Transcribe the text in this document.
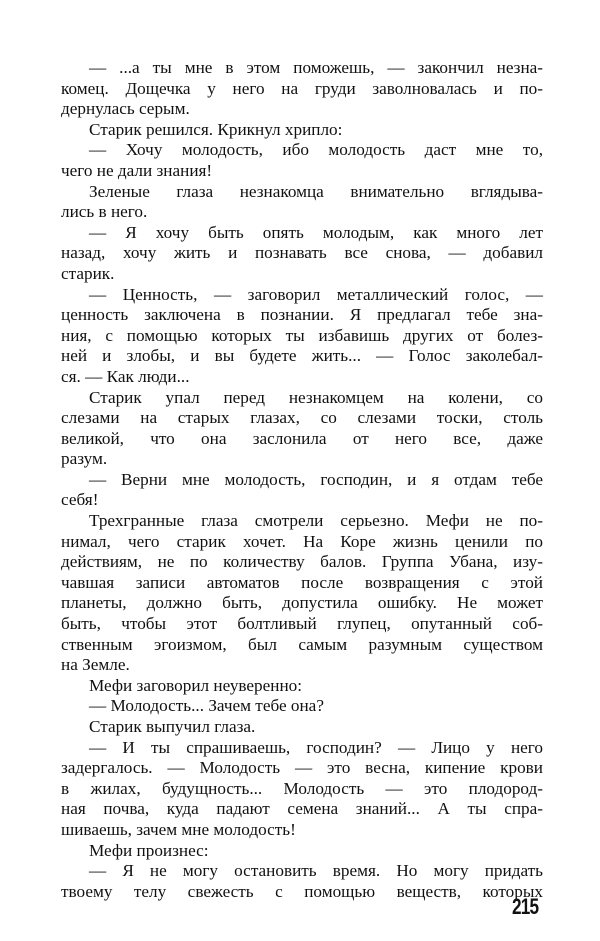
— ...а ты мне в этом поможешь, — закончил незна-
комец. Дощечка у него на груди заволновалась и по-
дернулась серым.
Старик решился. Крикнул хрипло:
— Хочу молодость, ибо молодость даст мне то,
чего не дали знания!
Зеленые глаза незнакомца внимательно вглядыва-
лись в него.
— Я хочу быть опять молодым, как много лет
назад, хочу жить и познавать все снова, — добавил
старик.
— Ценность, — заговорил металлический голос, —
ценность заключена в познании. Я предлагал тебе зна-
ния, с помощью которых ты избавишь других от болез-
ней и злобы, и вы будете жить... — Голос заколебал-
ся. — Как люди...
Старик упал перед незнакомцем на колени, со
слезами на старых глазах, со слезами тоски, столь
великой, что она заслонила от него все, даже
разум.
— Верни мне молодость, господин, и я отдам тебе
себя!
Трехгранные глаза смотрели серьезно. Мефи не по-
нимал, чего старик хочет. На Коре жизнь ценили по
действиям, не по количеству балов. Группа Убана, изу-
чавшая записи автоматов после возвращения с этой
планеты, должно быть, допустила ошибку. Не может
быть, чтобы этот болтливый глупец, опутанный соб-
ственным эгоизмом, был самым разумным существом
на Земле.
Мефи заговорил неуверенно:
— Молодость... Зачем тебе она?
Старик выпучил глаза.
— И ты спрашиваешь, господин? — Лицо у него
задергалось. — Молодость — это весна, кипение крови
в жилах, будущность... Молодость — это плодород-
ная почва, куда падают семена знаний... А ты спра-
шиваешь, зачем мне молодость!
Мефи произнес:
— Я не могу остановить время. Но могу придать
твоему телу свежесть с помощью веществ, которых
215
